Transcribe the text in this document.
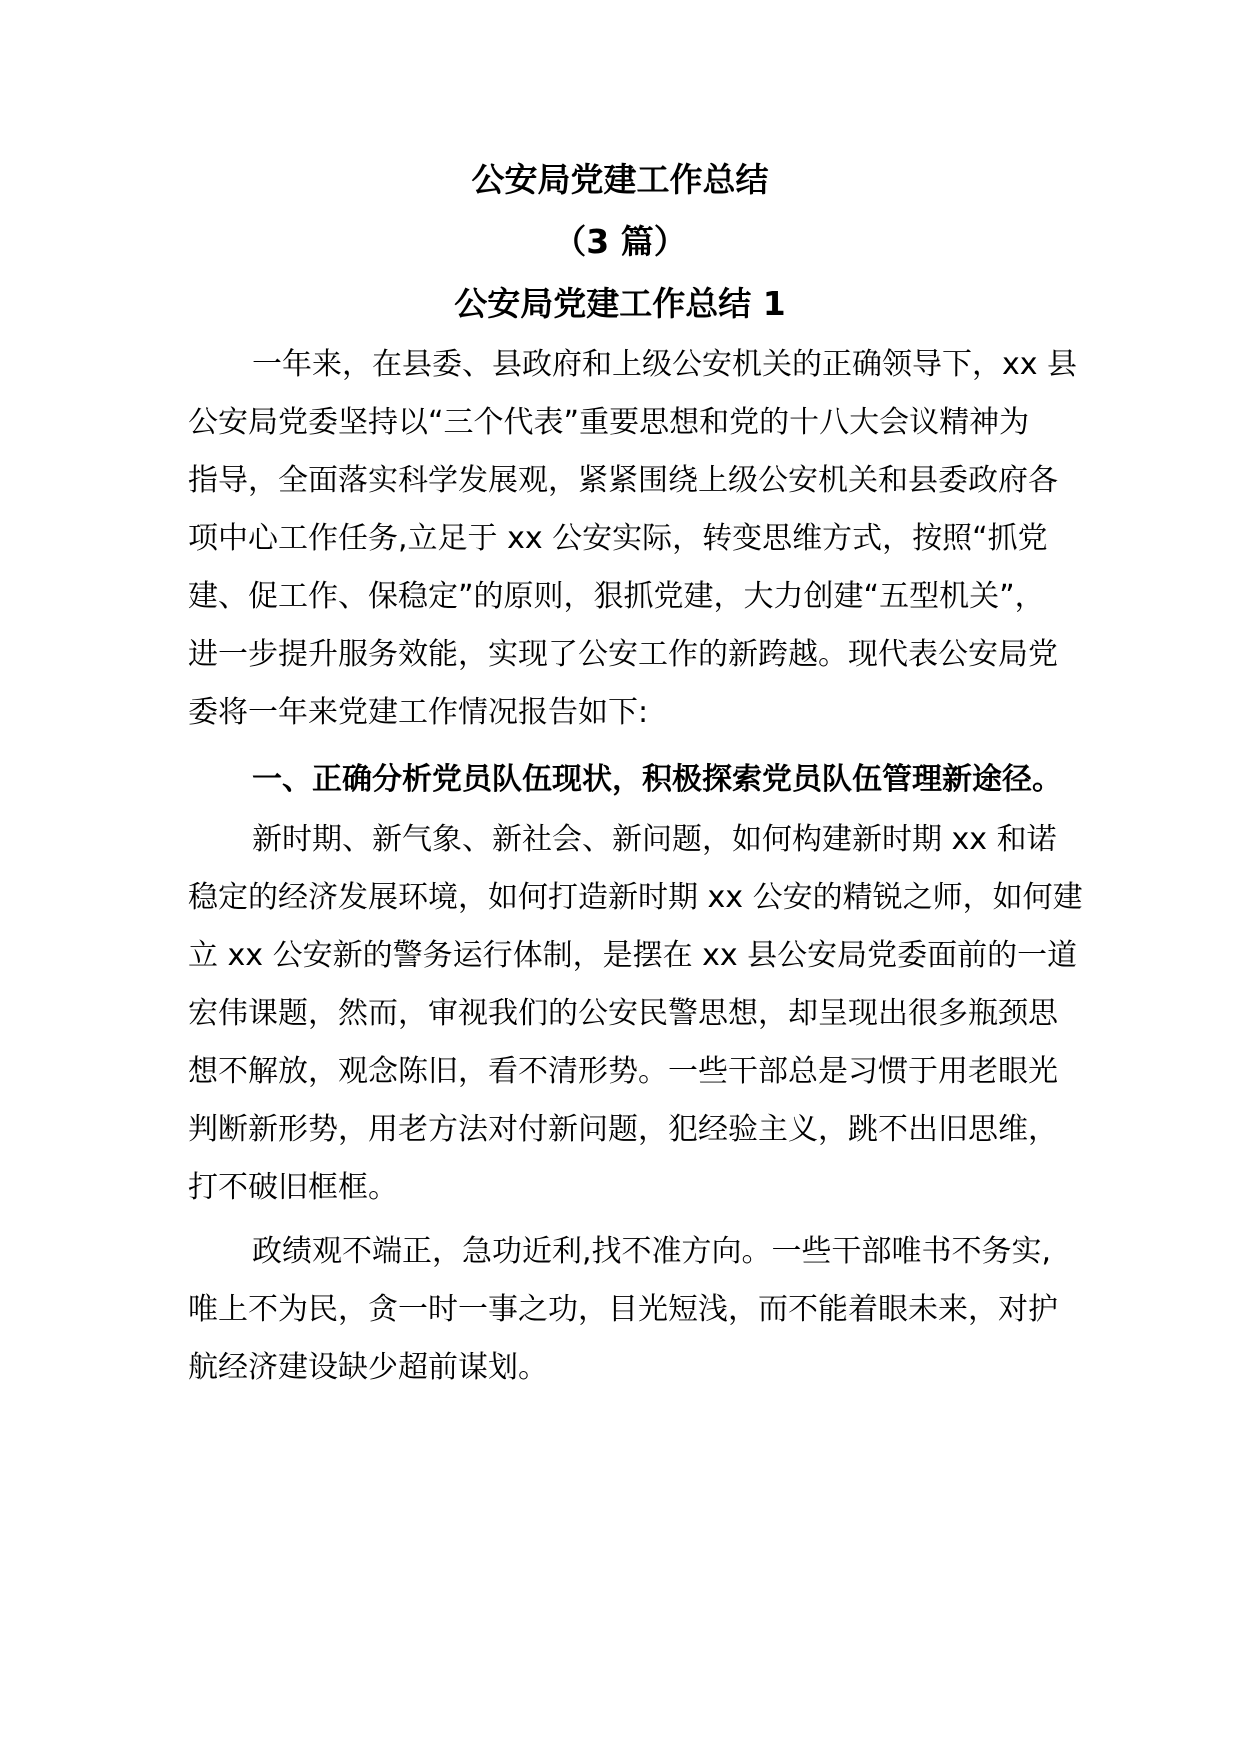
公安局党建工作总结
（3 篇）
公安局党建工作总结 1
一年来，在县委、县政府和上级公安机关的正确领导下，xx 县
公安局党委坚持以“三个代表”重要思想和党的十八大会议精神为
指导，全面落实科学发展观，紧紧围绕上级公安机关和县委政府各
项中心工作任务,立足于 xx 公安实际，转变思维方式，按照“抓党
建、促工作、保稳定”的原则，狠抓党建，大力创建“五型机关”，
进一步提升服务效能，实现了公安工作的新跨越。现代表公安局党
委将一年来党建工作情况报告如下:
一、正确分析党员队伍现状，积极探索党员队伍管理新途径。
新时期、新气象、新社会、新问题，如何构建新时期 xx 和诺
稳定的经济发展环境，如何打造新时期 xx 公安的精锐之师，如何建
立 xx 公安新的警务运行体制，是摆在 xx 县公安局党委面前的一道
宏伟课题，然而，审视我们的公安民警思想，却呈现出很多瓶颈思
想不解放，观念陈旧，看不清形势。一些干部总是习惯于用老眼光
判断新形势，用老方法对付新问题，犯经验主义，跳不出旧思维，
打不破旧框框。
政绩观不端正，急功近利,找不准方向。一些干部唯书不务实,
唯上不为民，贪一时一事之功，目光短浅，而不能着眼未来，对护
航经济建设缺少超前谋划。
